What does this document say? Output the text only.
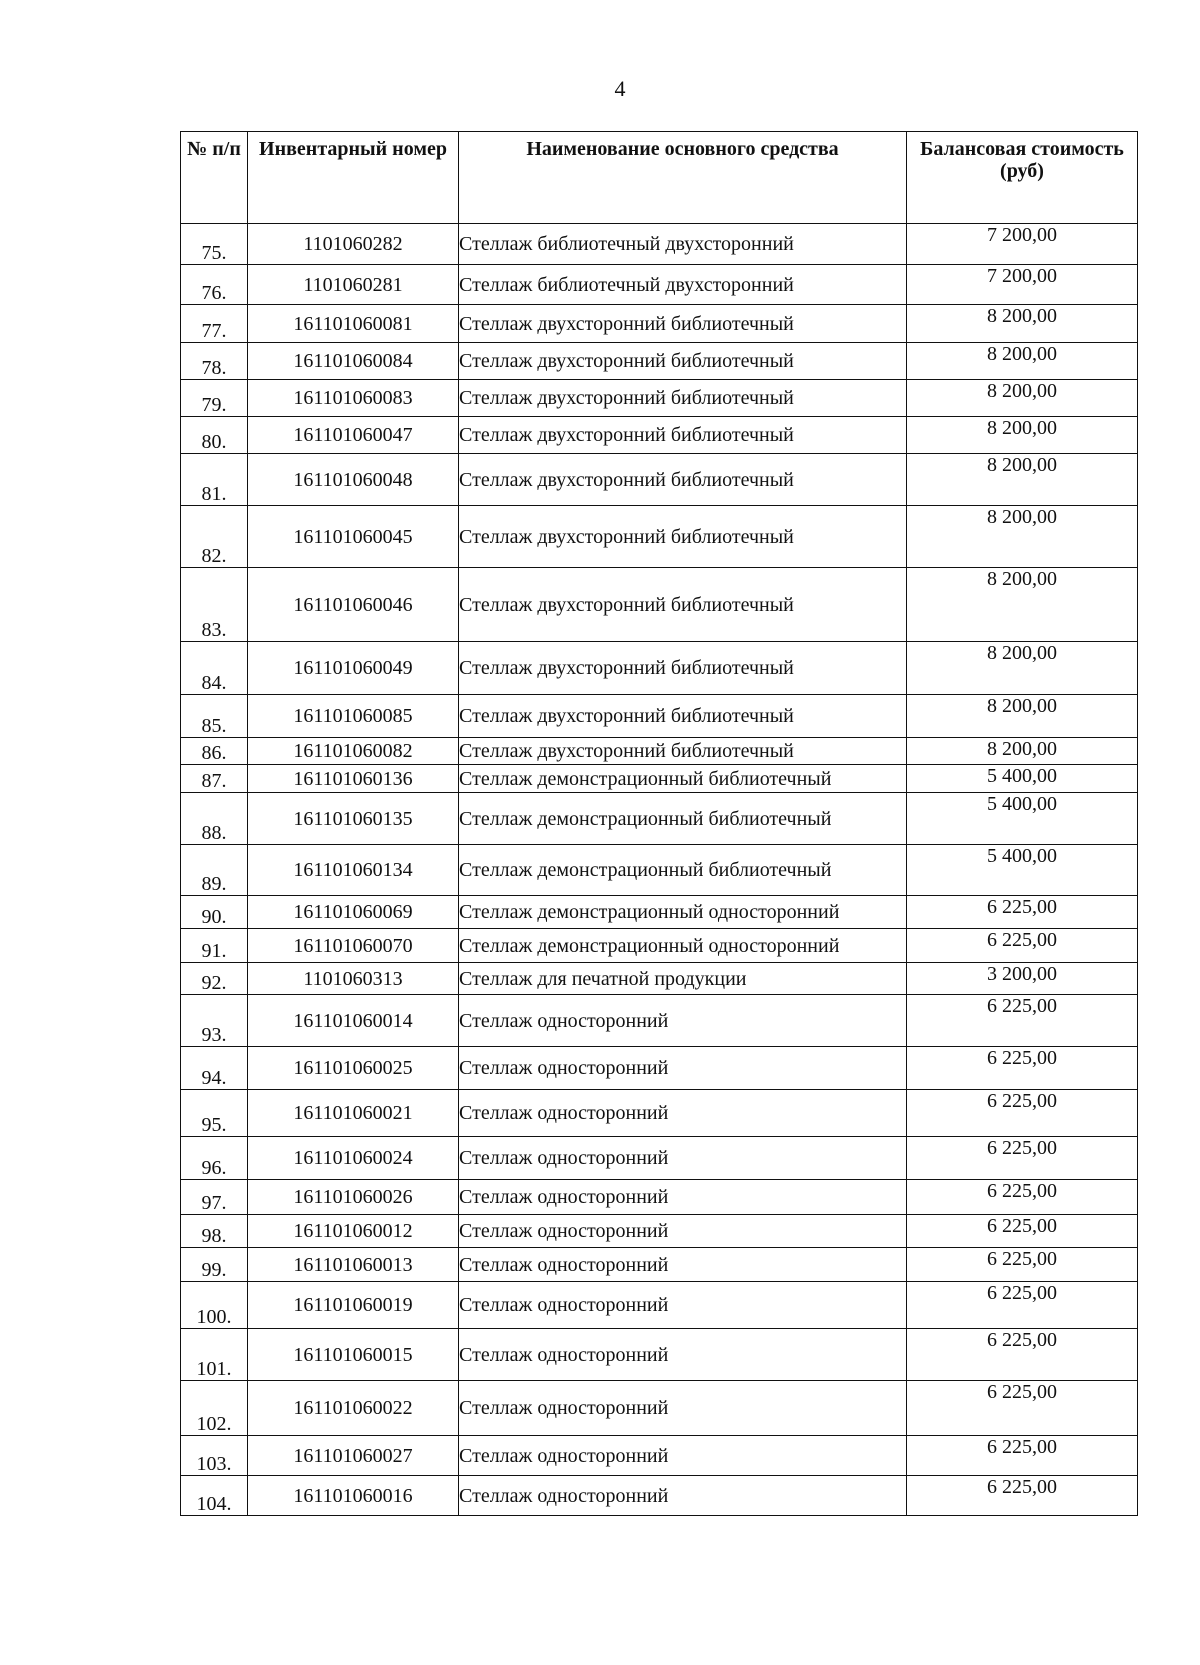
4
№ п/п	Инвентарный номер	Наименование основного средства	Балансовая стоимость (руб)
75.	1101060282	Стеллаж библиотечный двухсторонний	7 200,00
76.	1101060281	Стеллаж библиотечный двухсторонний	7 200,00
77.	161101060081	Стеллаж двухсторонний библиотечный	8 200,00
78.	161101060084	Стеллаж двухсторонний библиотечный	8 200,00
79.	161101060083	Стеллаж двухсторонний библиотечный	8 200,00
80.	161101060047	Стеллаж двухсторонний библиотечный	8 200,00
81.	161101060048	Стеллаж двухсторонний библиотечный	8 200,00
82.	161101060045	Стеллаж двухсторонний библиотечный	8 200,00
83.	161101060046	Стеллаж двухсторонний библиотечный	8 200,00
84.	161101060049	Стеллаж двухсторонний библиотечный	8 200,00
85.	161101060085	Стеллаж двухсторонний библиотечный	8 200,00
86.	161101060082	Стеллаж двухсторонний библиотечный	8 200,00
87.	161101060136	Стеллаж демонстрационный библиотечный	5 400,00
88.	161101060135	Стеллаж демонстрационный библиотечный	5 400,00
89.	161101060134	Стеллаж демонстрационный библиотечный	5 400,00
90.	161101060069	Стеллаж демонстрационный односторонний	6 225,00
91.	161101060070	Стеллаж демонстрационный односторонний	6 225,00
92.	1101060313	Стеллаж для печатной продукции	3 200,00
93.	161101060014	Стеллаж односторонний	6 225,00
94.	161101060025	Стеллаж односторонний	6 225,00
95.	161101060021	Стеллаж односторонний	6 225,00
96.	161101060024	Стеллаж односторонний	6 225,00
97.	161101060026	Стеллаж односторонний	6 225,00
98.	161101060012	Стеллаж односторонний	6 225,00
99.	161101060013	Стеллаж односторонний	6 225,00
100.	161101060019	Стеллаж односторонний	6 225,00
101.	161101060015	Стеллаж односторонний	6 225,00
102.	161101060022	Стеллаж односторонний	6 225,00
103.	161101060027	Стеллаж односторонний	6 225,00
104.	161101060016	Стеллаж односторонний	6 225,00
